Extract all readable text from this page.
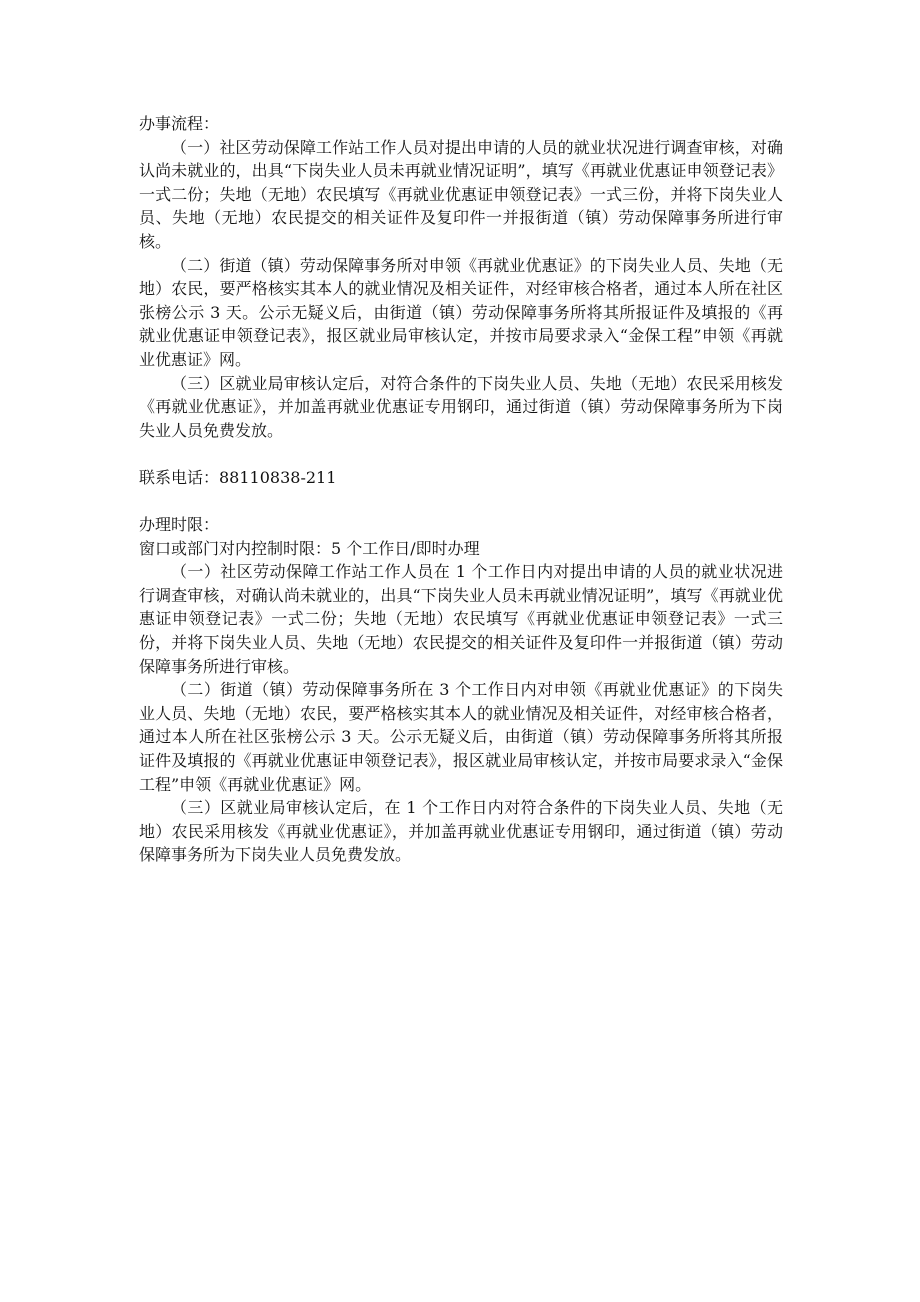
办事流程：

（一）社区劳动保障工作站工作人员对提出申请的人员的就业状况进行调查审核，对确认尚未就业的，出具“下岗失业人员未再就业情况证明”，填写《再就业优惠证申领登记表》一式二份；失地（无地）农民填写《再就业优惠证申领登记表》一式三份，并将下岗失业人员、失地（无地）农民提交的相关证件及复印件一并报街道（镇）劳动保障事务所进行审核。

（二）街道（镇）劳动保障事务所对申领《再就业优惠证》的下岗失业人员、失地（无地）农民，要严格核实其本人的就业情况及相关证件，对经审核合格者，通过本人所在社区张榜公示 3 天。公示无疑义后，由街道（镇）劳动保障事务所将其所报证件及填报的《再就业优惠证申领登记表》，报区就业局审核认定，并按市局要求录入“金保工程”申领《再就业优惠证》网。

（三）区就业局审核认定后，对符合条件的下岗失业人员、失地（无地）农民采用核发《再就业优惠证》，并加盖再就业优惠证专用钢印，通过街道（镇）劳动保障事务所为下岗失业人员免费发放。

联系电话：88110838-211

办理时限：

窗口或部门对内控制时限：5 个工作日/即时办理

（一）社区劳动保障工作站工作人员在 1 个工作日内对提出申请的人员的就业状况进行调查审核，对确认尚未就业的，出具“下岗失业人员未再就业情况证明”，填写《再就业优惠证申领登记表》一式二份；失地（无地）农民填写《再就业优惠证申领登记表》一式三份，并将下岗失业人员、失地（无地）农民提交的相关证件及复印件一并报街道（镇）劳动保障事务所进行审核。

（二）街道（镇）劳动保障事务所在 3 个工作日内对申领《再就业优惠证》的下岗失业人员、失地（无地）农民，要严格核实其本人的就业情况及相关证件，对经审核合格者，通过本人所在社区张榜公示 3 天。公示无疑义后，由街道（镇）劳动保障事务所将其所报证件及填报的《再就业优惠证申领登记表》，报区就业局审核认定，并按市局要求录入“金保工程”申领《再就业优惠证》网。

（三）区就业局审核认定后，在 1 个工作日内对符合条件的下岗失业人员、失地（无地）农民采用核发《再就业优惠证》，并加盖再就业优惠证专用钢印，通过街道（镇）劳动保障事务所为下岗失业人员免费发放。
